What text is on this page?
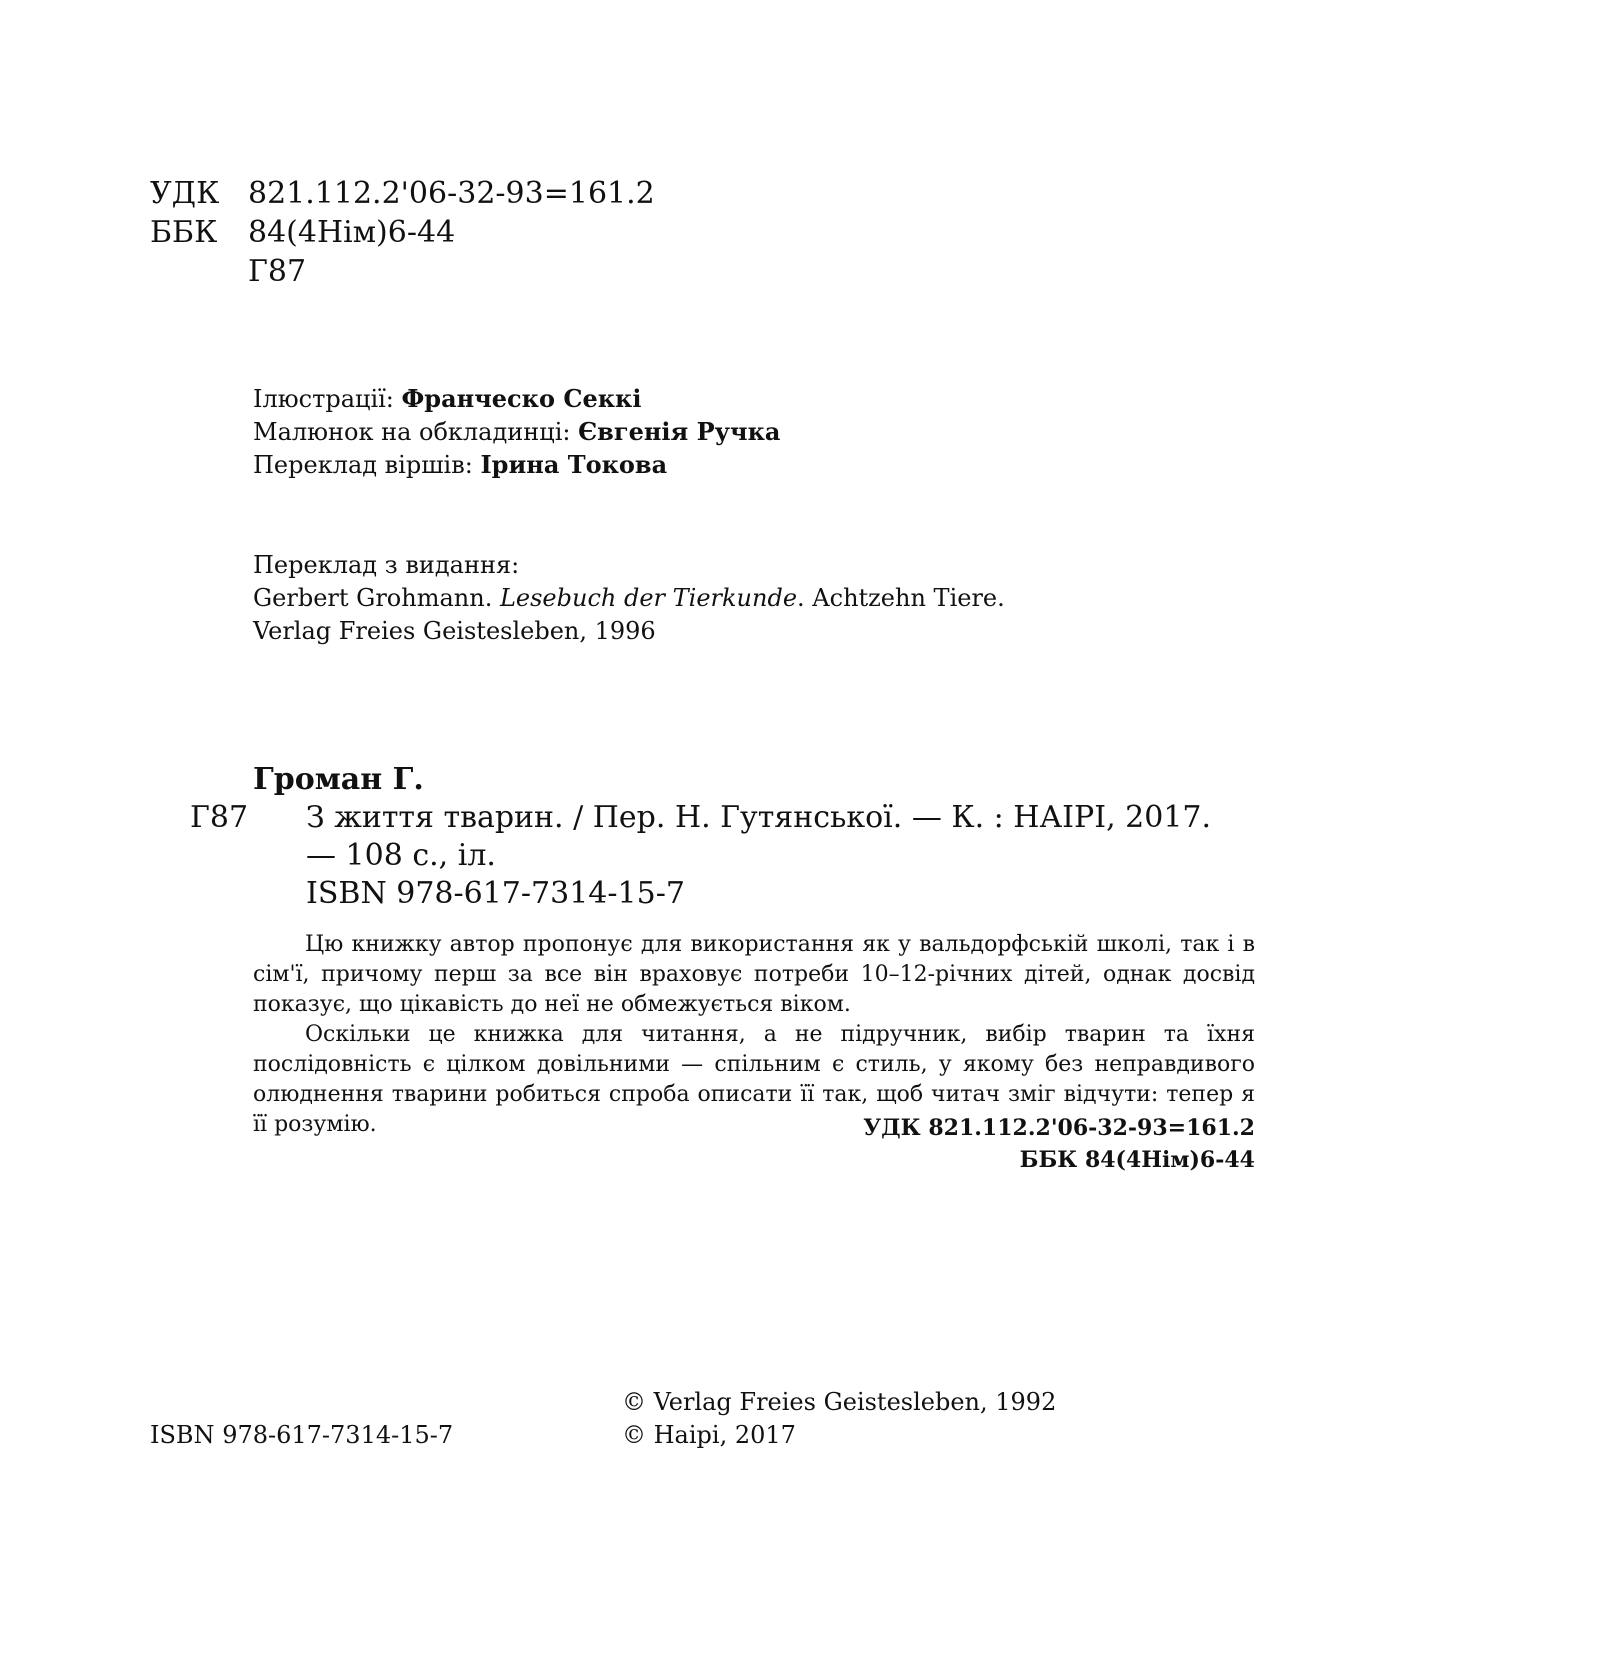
УДК 821.112.2'06-32-93=161.2
ББК 84(4Нім)6-44
Г87
Ілюстрації: Франческо Секкі
Малюнок на обкладинці: Євгенія Ручка
Переклад віршів: Ірина Токова
Переклад з видання:
Gerbert Grohmann. Lesebuch der Tierkunde. Achtzehn Tiere.
Verlag Freies Geistesleben, 1996
Громан Г.
Г87 З життя тварин. / Пер. Н. Гутянської. — К. : НАІРІ, 2017.
— 108 с., іл.
ISBN 978-617-7314-15-7

Цю книжку автор пропонує для використання як у вальдорфській школі, так і в сім'ї, причому перш за все він враховує потреби 10–12-річних дітей, однак досвід показує, що цікавість до неї не обмежується віком.

Оскільки це книжка для читання, а не підручник, вибір тварин та їхня послідовність є цілком довільними — спільним є стиль, у якому без неправдивого олюднення тварини робиться спроба описати її так, щоб читач зміг відчути: тепер я її розумію.	УДК 821.112.2'06-32-93=161.2
ББК 84(4Нім)6-44
© Verlag Freies Geistesleben, 1992
ISBN 978-617-7314-15-7	© Наірі, 2017
